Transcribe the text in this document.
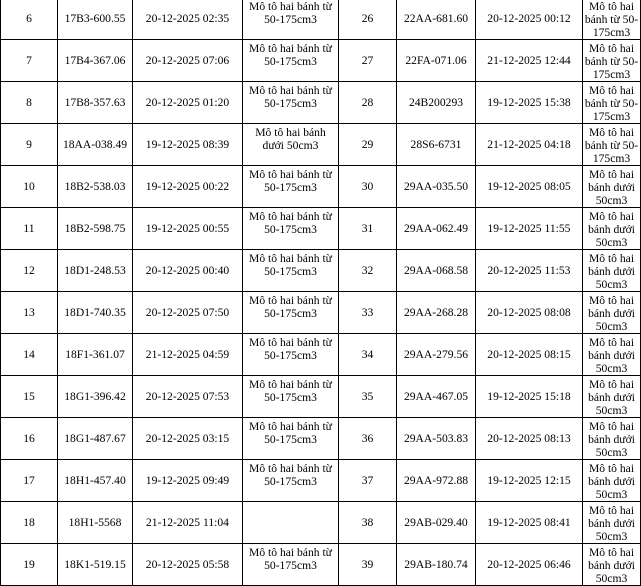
6	17B3-600.55	20-12-2025 02:35	Mô tô hai bánh từ 50-175cm3	26	22AA-681.60	20-12-2025 00:12	Mô tô hai bánh từ 50-175cm3
7	17B4-367.06	20-12-2025 07:06	Mô tô hai bánh từ 50-175cm3	27	22FA-071.06	21-12-2025 12:44	Mô tô hai bánh từ 50-175cm3
8	17B8-357.63	20-12-2025 01:20	Mô tô hai bánh từ 50-175cm3	28	24B200293	19-12-2025 15:38	Mô tô hai bánh từ 50-175cm3
9	18AA-038.49	19-12-2025 08:39	Mô tô hai bánh dưới 50cm3	29	28S6-6731	21-12-2025 04:18	Mô tô hai bánh từ 50-175cm3
10	18B2-538.03	19-12-2025 00:22	Mô tô hai bánh từ 50-175cm3	30	29AA-035.50	19-12-2025 08:05	Mô tô hai bánh dưới 50cm3
11	18B2-598.75	19-12-2025 00:55	Mô tô hai bánh từ 50-175cm3	31	29AA-062.49	19-12-2025 11:55	Mô tô hai bánh dưới 50cm3
12	18D1-248.53	20-12-2025 00:40	Mô tô hai bánh từ 50-175cm3	32	29AA-068.58	20-12-2025 11:53	Mô tô hai bánh dưới 50cm3
13	18D1-740.35	20-12-2025 07:50	Mô tô hai bánh từ 50-175cm3	33	29AA-268.28	20-12-2025 08:08	Mô tô hai bánh dưới 50cm3
14	18F1-361.07	21-12-2025 04:59	Mô tô hai bánh từ 50-175cm3	34	29AA-279.56	20-12-2025 08:15	Mô tô hai bánh dưới 50cm3
15	18G1-396.42	20-12-2025 07:53	Mô tô hai bánh từ 50-175cm3	35	29AA-467.05	19-12-2025 15:18	Mô tô hai bánh dưới 50cm3
16	18G1-487.67	20-12-2025 03:15	Mô tô hai bánh từ 50-175cm3	36	29AA-503.83	20-12-2025 08:13	Mô tô hai bánh dưới 50cm3
17	18H1-457.40	19-12-2025 09:49	Mô tô hai bánh từ 50-175cm3	37	29AA-972.88	19-12-2025 12:15	Mô tô hai bánh dưới 50cm3
18	18H1-5568	21-12-2025 11:04		38	29AB-029.40	19-12-2025 08:41	Mô tô hai bánh dưới 50cm3
19	18K1-519.15	20-12-2025 05:58	Mô tô hai bánh từ 50-175cm3	39	29AB-180.74	20-12-2025 06:46	Mô tô hai bánh dưới 50cm3
